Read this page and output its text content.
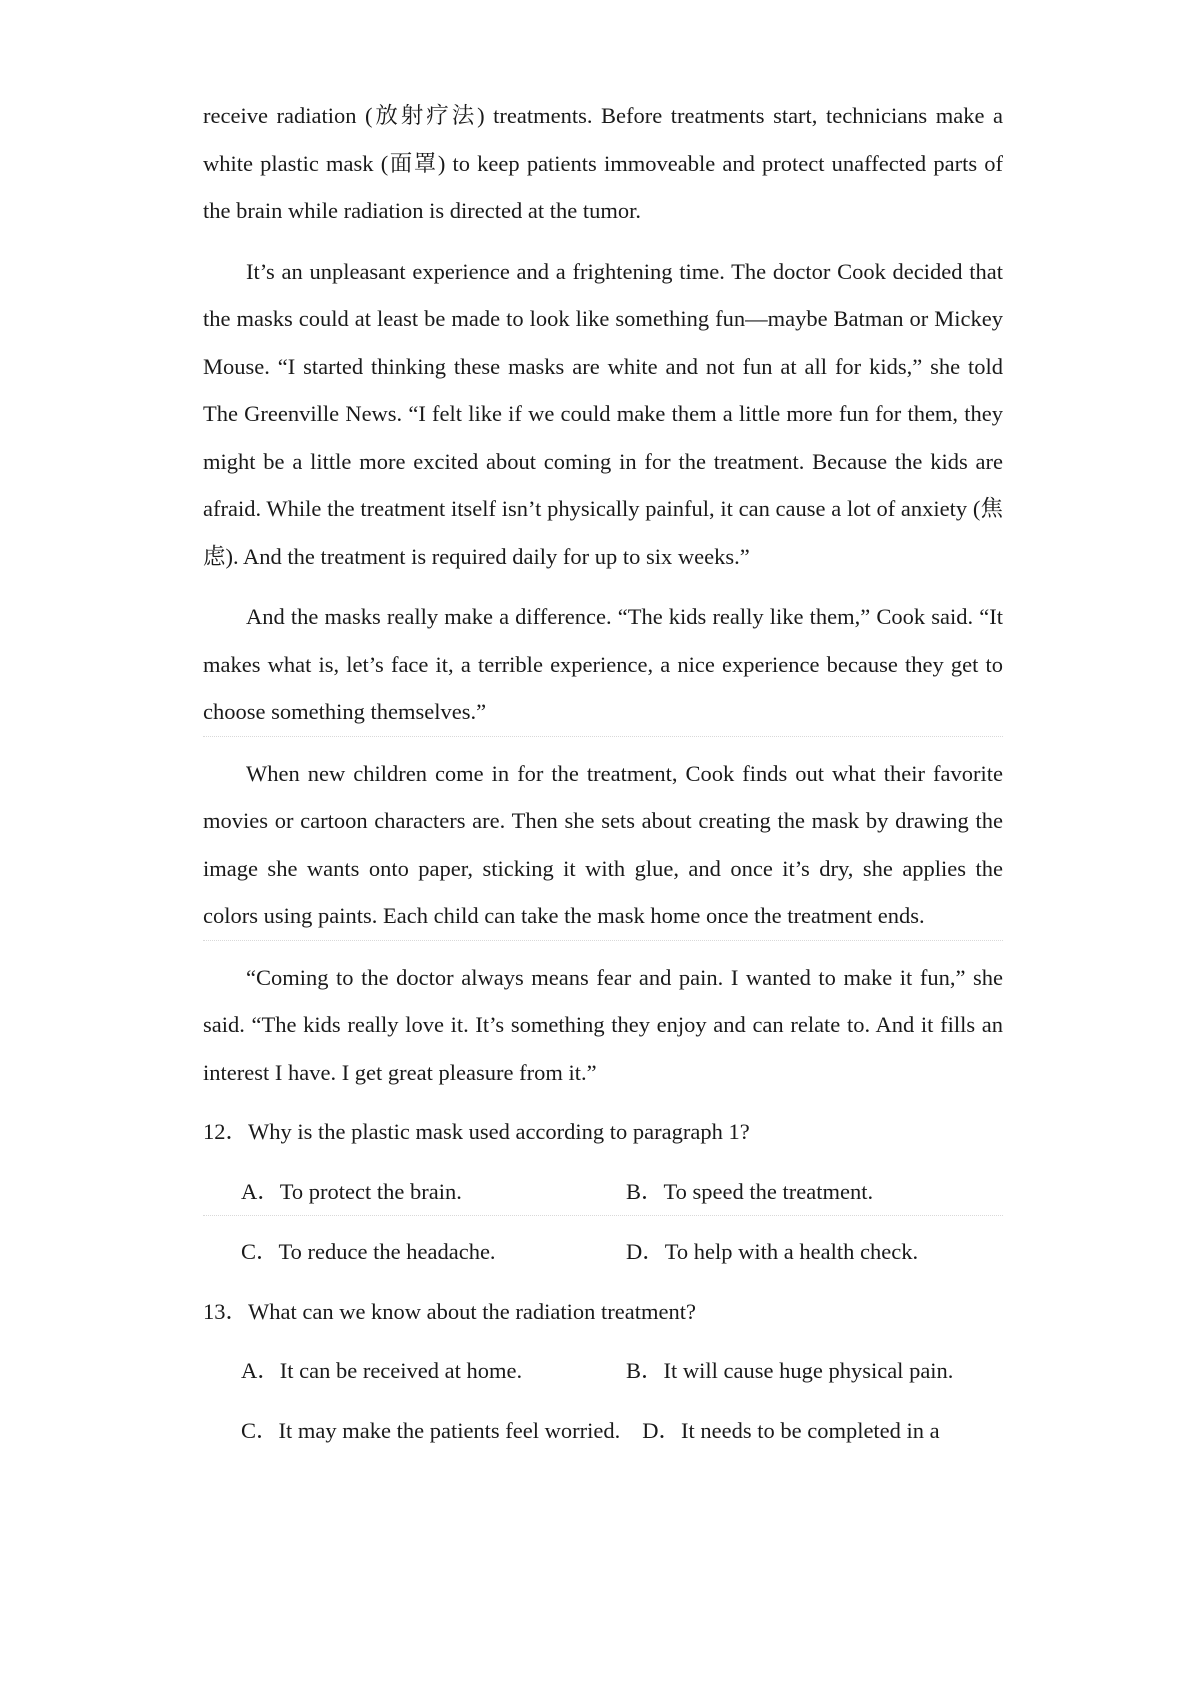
receive radiation (放射疗法) treatments. Before treatments start, technicians make a white plastic mask (面罩) to keep patients immoveable and protect unaffected parts of the brain while radiation is directed at the tumor.

It’s an unpleasant experience and a frightening time. The doctor Cook decided that the masks could at least be made to look like something fun—maybe Batman or Mickey Mouse. “I started thinking these masks are white and not fun at all for kids,” she told The Greenville News. “I felt like if we could make them a little more fun for them, they might be a little more excited about coming in for the treatment. Because the kids are afraid. While the treatment itself isn’t physically painful, it can cause a lot of anxiety (焦虑). And the treatment is required daily for up to six weeks.”

And the masks really make a difference. “The kids really like them,” Cook said. “It makes what is, let’s face it, a terrible experience, a nice experience because they get to choose something themselves.”

When new children come in for the treatment, Cook finds out what their favorite movies or cartoon characters are. Then she sets about creating the mask by drawing the image she wants onto paper, sticking it with glue, and once it’s dry, she applies the colors using paints. Each child can take the mask home once the treatment ends.

“Coming to the doctor always means fear and pain. I wanted to make it fun,” she said. “The kids really love it. It’s something they enjoy and can relate to. And it fills an interest I have. I get great pleasure from it.”

12．Why is the plastic mask used according to paragraph 1?

A．To protect the brain.	B．To speed the treatment.
C．To reduce the headache.	D．To help with a health check.

13．What can we know about the radiation treatment?

A．It can be received at home.	B．It will cause huge physical pain.
C．It may make the patients feel worried. D．It needs to be completed in a
